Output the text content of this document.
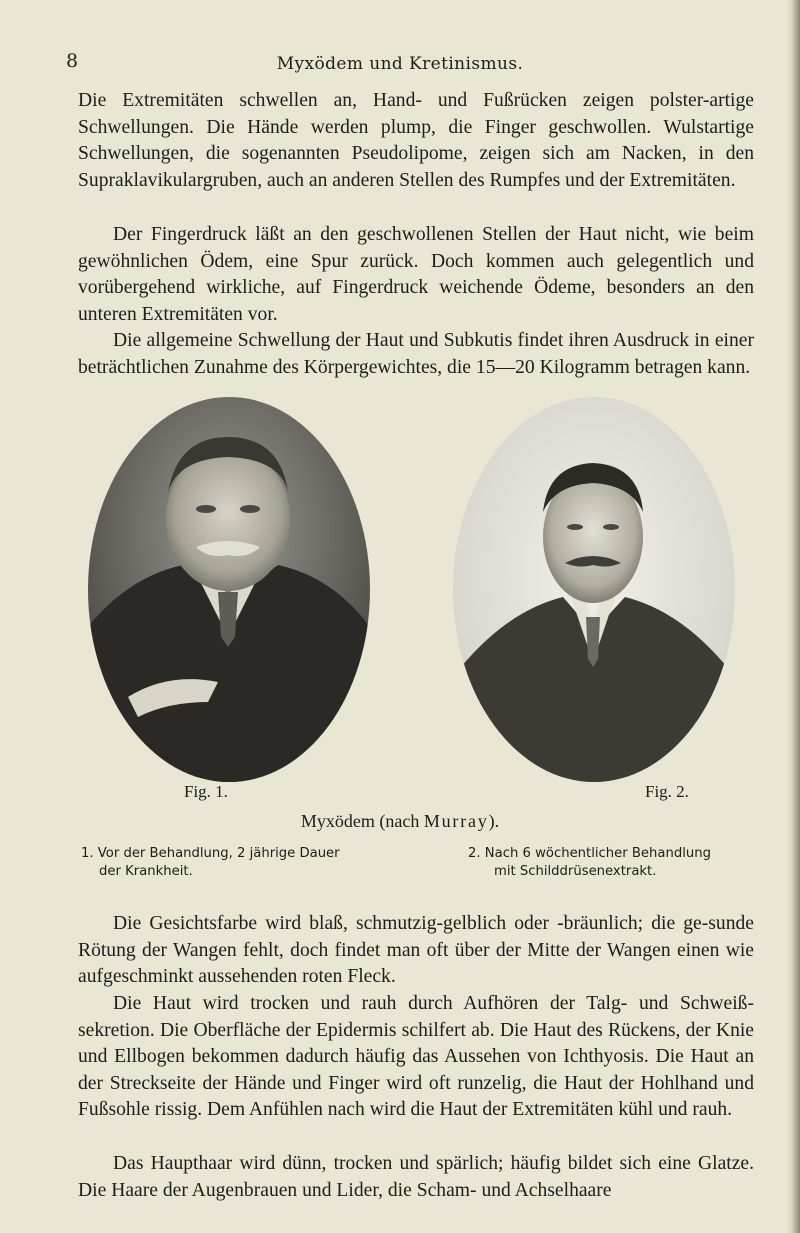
8	Myxödem und Kretinismus.

Die Extremitäten schwellen an, Hand- und Fußrücken zeigen polster-artige Schwellungen. Die Hände werden plump, die Finger geschwollen. Wulstartige Schwellungen, die sogenannten Pseudolipome, zeigen sich am Nacken, in den Supraklavikulargruben, auch an anderen Stellen des Rumpfes und der Extremitäten.

Der Fingerdruck läßt an den geschwollenen Stellen der Haut nicht, wie beim gewöhnlichen Ödem, eine Spur zurück. Doch kommen auch gelegentlich und vorübergehend wirkliche, auf Fingerdruck weichende Ödeme, besonders an den unteren Extremitäten vor.

Die allgemeine Schwellung der Haut und Subkutis findet ihren Ausdruck in einer beträchtlichen Zunahme des Körpergewichtes, die 15—20 Kilogramm betragen kann.

Fig. 1.	Fig. 2.
Myxödem (nach Murray).
1. Vor der Behandlung, 2 jährige Dauer
der Krankheit.
2. Nach 6 wöchentlicher Behandlung
mit Schilddrüsenextrakt.

Die Gesichtsfarbe wird blaß, schmutzig-gelblich oder -bräunlich; die ge-sunde Rötung der Wangen fehlt, doch findet man oft über der Mitte der Wangen einen wie aufgeschminkt aussehenden roten Fleck.

Die Haut wird trocken und rauh durch Aufhören der Talg- und Schweiß-sekretion. Die Oberfläche der Epidermis schilfert ab. Die Haut des Rückens, der Knie und Ellbogen bekommen dadurch häufig das Aussehen von Ichthyosis. Die Haut an der Streckseite der Hände und Finger wird oft runzelig, die Haut der Hohlhand und Fußsohle rissig. Dem Anfühlen nach wird die Haut der Extremitäten kühl und rauh.

Das Haupthaar wird dünn, trocken und spärlich; häufig bildet sich eine Glatze. Die Haare der Augenbrauen und Lider, die Scham- und Achselhaare
